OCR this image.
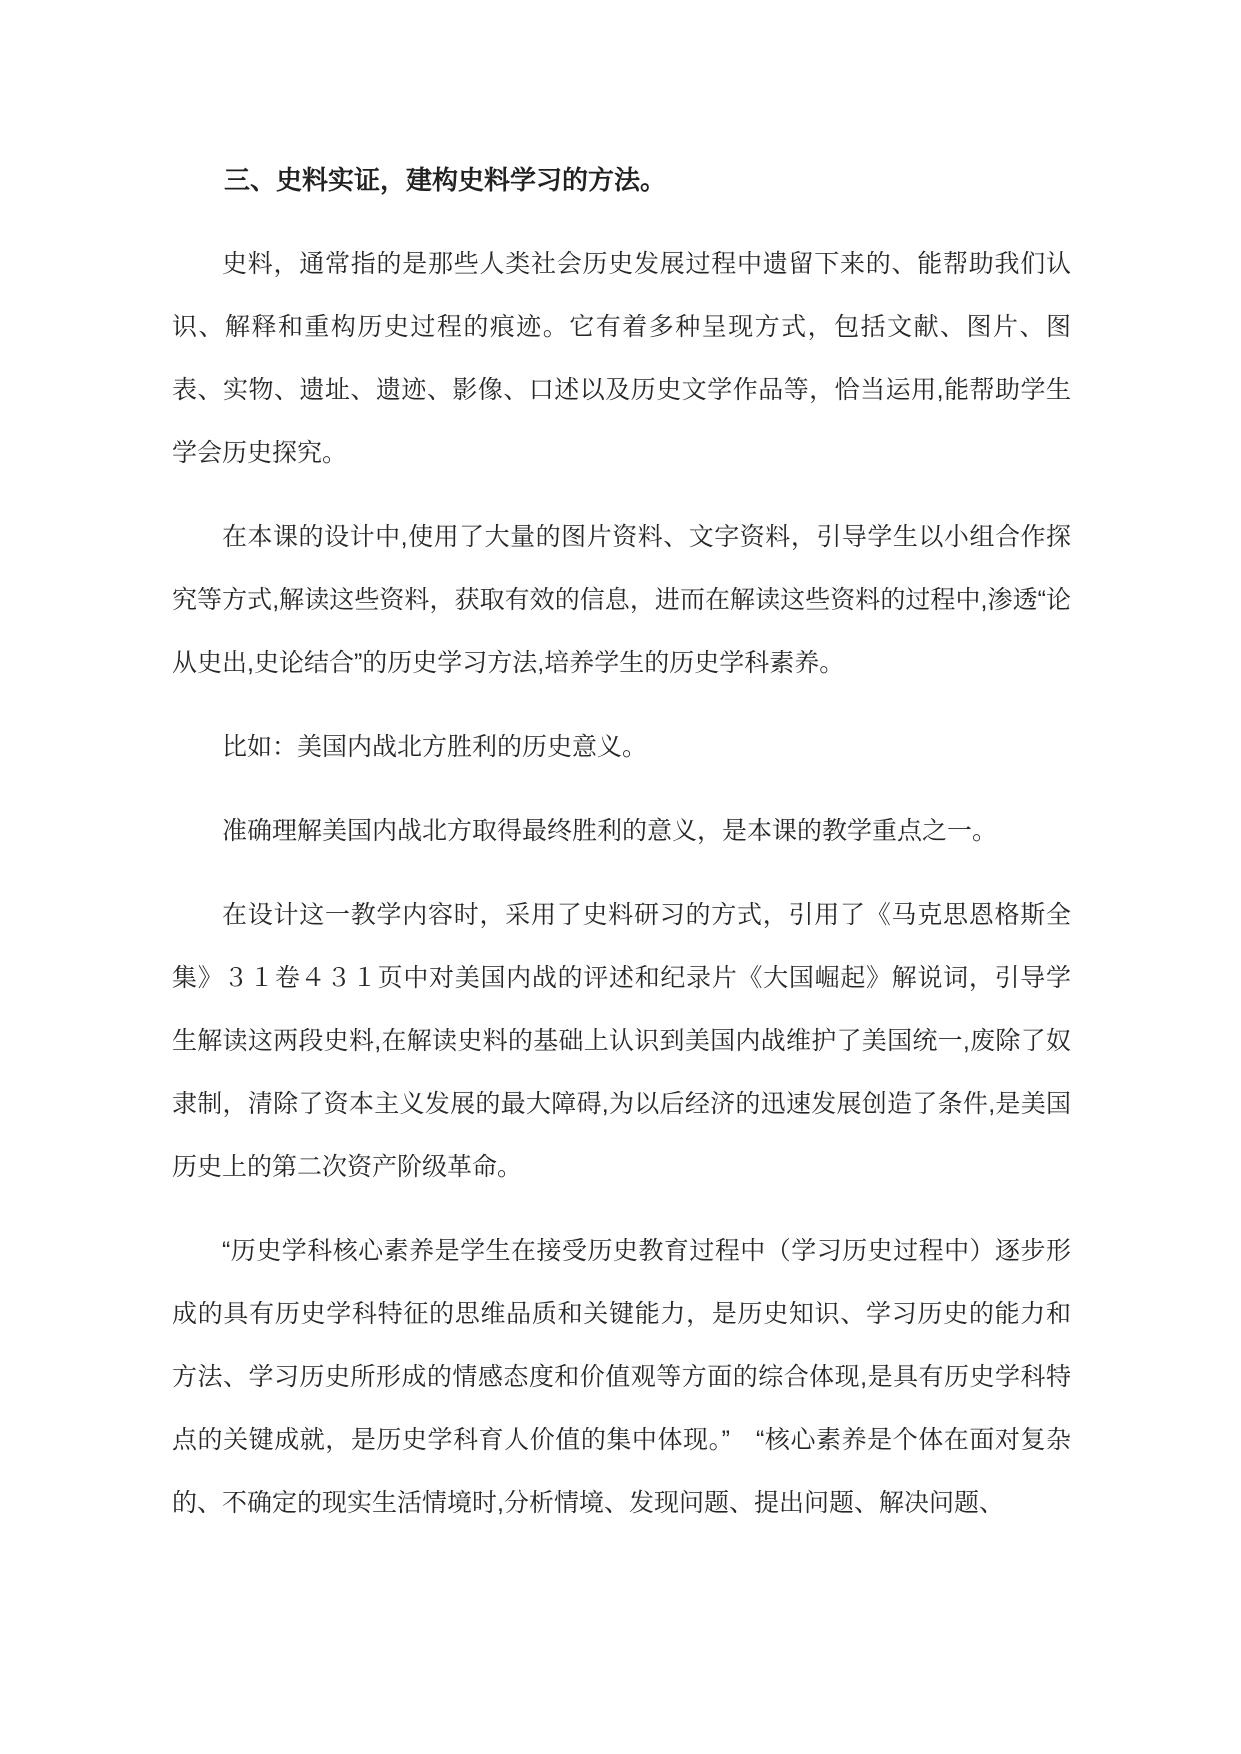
三、史料实证，建构史料学习的方法。

史料，通常指的是那些人类社会历史发展过程中遗留下来的、能帮助我们认识、解释和重构历史过程的痕迹。它有着多种呈现方式，包括文献、图片、图表、实物、遗址、遗迹、影像、口述以及历史文学作品等，恰当运用,能帮助学生学会历史探究。

在本课的设计中,使用了大量的图片资料、文字资料，引导学生以小组合作探究等方式,解读这些资料，获取有效的信息，进而在解读这些资料的过程中,渗透“论从史出,史论结合”的历史学习方法,培养学生的历史学科素养。

比如：美国内战北方胜利的历史意义。

准确理解美国内战北方取得最终胜利的意义，是本课的教学重点之一。

在设计这一教学内容时，采用了史料研习的方式，引用了《马克思恩格斯全集》３１卷４３１页中对美国内战的评述和纪录片《大国崛起》解说词，引导学生解读这两段史料,在解读史料的基础上认识到美国内战维护了美国统一,废除了奴隶制，清除了资本主义发展的最大障碍,为以后经济的迅速发展创造了条件,是美国历史上的第二次资产阶级革命。

“历史学科核心素养是学生在接受历史教育过程中（学习历史过程中）逐步形成的具有历史学科特征的思维品质和关键能力，是历史知识、学习历史的能力和方法、学习历史所形成的情感态度和价值观等方面的综合体现,是具有历史学科特点的关键成就，是历史学科育人价值的集中体现。”　“核心素养是个体在面对复杂的、不确定的现实生活情境时,分析情境、发现问题、提出问题、解决问题、
